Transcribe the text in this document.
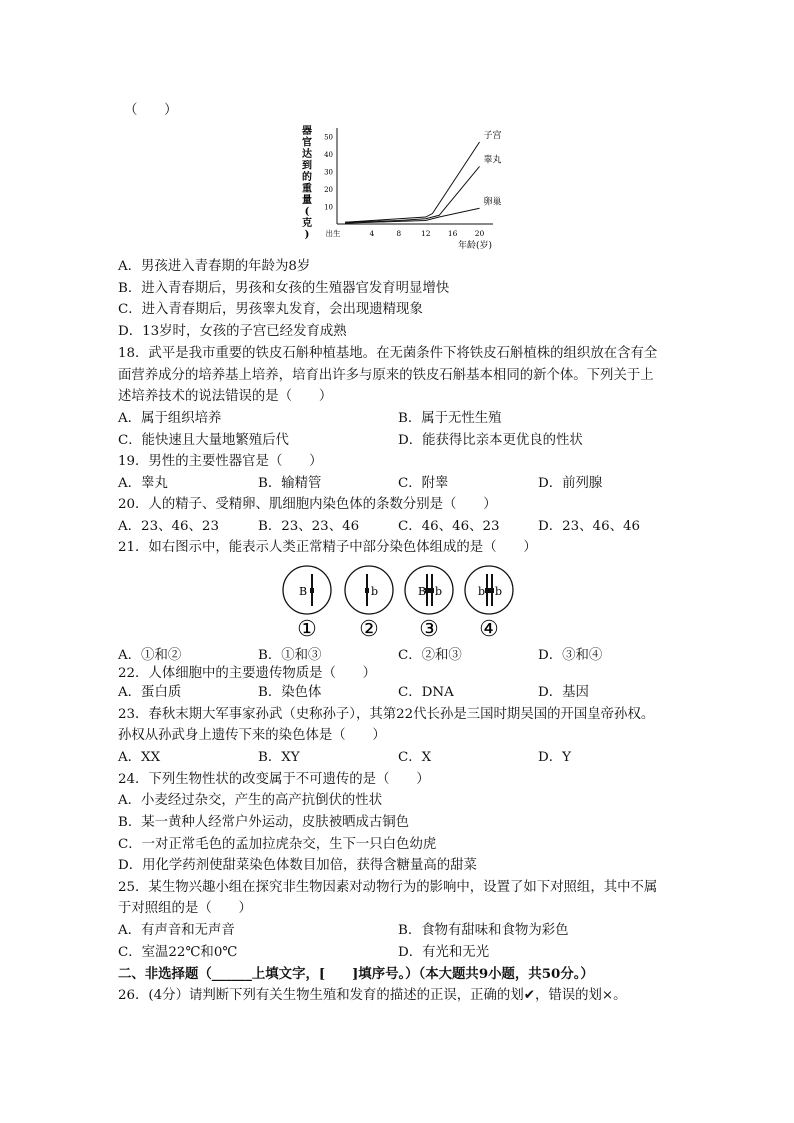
（　　）
器
官
达
到
的
重
量
(
克
)
10
20
30
40
50
出生	4	8	12 16 20
子宫
睾丸
卵巢
年龄(岁)
A．男孩进入青春期的年龄为8岁
B．进入青春期后，男孩和女孩的生殖器官发育明显增快
C．进入青春期后，男孩睾丸发育，会出现遗精现象
D．13岁时，女孩的子宫已经发育成熟
18．武平是我市重要的铁皮石斛种植基地。在无菌条件下将铁皮石斛植株的组织放在含有全
面营养成分的培养基上培养，培育出许多与原来的铁皮石斛基本相同的新个体。下列关于上
述培养技术的说法错误的是（　　）
A．属于组织培养	B．属于无性生殖
C．能快速且大量地繁殖后代	D．能获得比亲本更优良的性状
19．男性的主要性器官是（　　）
A．睾丸	B．输精管	C．附睾	D．前列腺
20．人的精子、受精卵、肌细胞内染色体的条数分别是（　　）
A．23、46、23	B．23、23、46	C．46、46、23	D．23、46、46
21．如右图示中，能表示人类正常精子中部分染色体组成的是（　　）
B
①
b
②
B b
③
b b
④
A．①和②	B．①和③	C．②和③	D．③和④
22．人体细胞中的主要遗传物质是（　　）
A．蛋白质	B．染色体	C．DNA	D．基因
23．春秋末期大军事家孙武（史称孙子），其第22代长孙是三国时期吴国的开国皇帝孙权。
孙权从孙武身上遗传下来的染色体是（　　）
A．XX	B．XY	C．X	D．Y
24．下列生物性状的改变属于不可遗传的是（　　）
A．小麦经过杂交，产生的高产抗倒伏的性状
B．某一黄种人经常户外运动，皮肤被晒成古铜色
C．一对正常毛色的孟加拉虎杂交，生下一只白色幼虎
D．用化学药剂使甜菜染色体数目加倍，获得含糖量高的甜菜
25．某生物兴趣小组在探究非生物因素对动物行为的影响中，设置了如下对照组，其中不属
于对照组的是（　　）
A．有声音和无声音	B．食物有甜味和食物为彩色
C．室温22℃和0℃	D．有光和无光
二、非选择题（______上填文字，[　　]填序号。）（本大题共9小题，共50分。）
26．(4分）请判断下列有关生物生殖和发育的描述的正误，正确的划✔，错误的划×。
